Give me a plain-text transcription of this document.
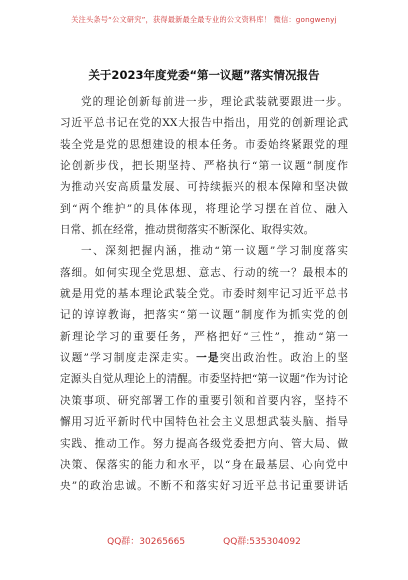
关注头条号“公文研究”，获得最新最全最专业的公文资料库！ 微信：gongwenyj
关于2023年度党委“第一议题”落实情况报告
党的理论创新每前进一步，理论武装就要跟进一步。
习近平总书记在党的XX大报告中指出，用党的创新理论武
装全党是党的思想建设的根本任务。市委始终紧跟党的理
论创新步伐，把长期坚持、严格执行“第一议题”制度作
为推动兴安高质量发展、可持续振兴的根本保障和坚决做
到“两个维护”的具体体现，将理论学习摆在首位、融入
日常、抓在经常，推动贯彻落实不断深化、取得实效。
一、深刻把握内涵，推动“第一议题”学习制度落实
落细。如何实现全党思想、意志、行动的统一？最根本的
就是用党的基本理论武装全党。市委时刻牢记习近平总书
记的谆谆教诲，把落实“第一议题”制度作为抓实党的创
新理论学习的重要任务，严格把好“三性”，推动“第一
议题”学习制度走深走实。一是突出政治性。政治上的坚
定源头自觉从理论上的清醒。市委坚持把“第一议题”作为讨论
决策事项、研究部署工作的重要引领和首要内容，坚持不
懈用习近平新时代中国特色社会主义思想武装头脑、指导
实践、推动工作。努力提高各级党委把方向、管大局、做
决策、保落实的能力和水平，以“身在最基层、心向党中
央”的政治忠诚。不断不和落实好习近平总书记重要讲话
QQ群：30265665	QQ群:535304092
